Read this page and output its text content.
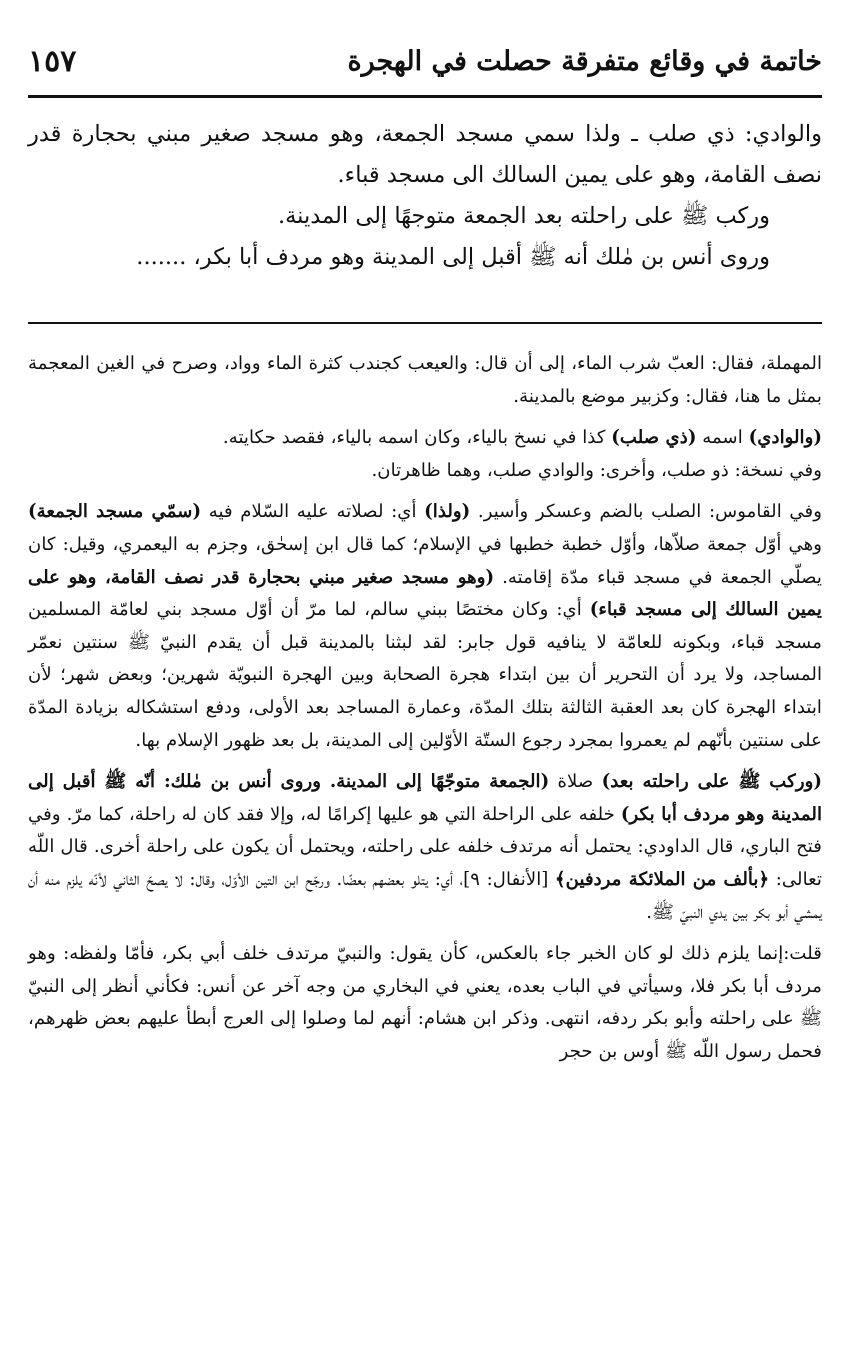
خاتمة في وقائع متفرقة حصلت في الهجرة
١٥٧

والوادي: ذي صلب ـ ولذا سمي مسجد الجمعة، وهو مسجد صغير مبني بحجارة قدر نصف القامة، وهو على يمين السالك الى مسجد قباء.

وركب ﷺ على راحلته بعد الجمعة متوجهًا إلى المدينة.

وروى أنس بن مٰلك أنه ﷺ أقبل إلى المدينة وهو مردف أبا بكر، .......

المهملة، فقال: العبّ شرب الماء، إلى أن قال: والعيعب كجندب كثرة الماء وواد، وصرح في الغين المعجمة بمثل ما هنا، فقال: وكزبير موضع بالمدينة.

(والوادي) اسمه (ذي صلب) كذا في نسخ بالياء، وكان اسمه بالياء، فقصد حكايته.

وفي نسخة: ذو صلب، وأخرى: والوادي صلب، وهما ظاهرتان.

وفي القاموس: الصلب بالضم وعسكر وأسير. (ولذا) أي: لصلاته عليه السّلام فيه (سمّي مسجد الجمعة) وهي أوّل جمعة صلاّها، وأوّل خطبة خطبها في الإسلام؛ كما قال ابن إسحٰق، وجزم به اليعمري، وقيل: كان يصلّي الجمعة في مسجد قباء مدّة إقامته. (وهو مسجد صغير مبني بحجارة قدر نصف القامة، وهو على يمين السالك إلى مسجد قباء) أي: وكان مختصًا ببني سالم، لما مرّ أن أوّل مسجد بني لعامّة المسلمين مسجد قباء، وبكونه للعامّة لا ينافيه قول جابر: لقد لبثنا بالمدينة قبل أن يقدم النبيّ ﷺ سنتين نعمّر المساجد، ولا يرد أن التحرير أن بين ابتداء هجرة الصحابة وبين الهجرة النبويّة شهرين؛ وبعض شهر؛ لأن ابتداء الهجرة كان بعد العقبة الثالثة بتلك المدّة، وعمارة المساجد بعد الأولى، ودفع استشكاله بزيادة المدّة على سنتين بأنّهم لم يعمروا بمجرد رجوع الستّة الأوّلين إلى المدينة، بل بعد ظهور الإسلام بها.

(وركب ﷺ على راحلته بعد) صلاة (الجمعة متوجّهًا إلى المدينة. وروى أنس بن مٰلك: أنّه ﷺ أقبل إلى المدينة وهو مردف أبا بكر) خلفه على الراحلة التي هو عليها إكرامًا له، وإلا فقد كان له راحلة، كما مرّ. وفي فتح الباري، قال الداودي: يحتمل أنه مرتدف خلفه على راحلته، ويحتمل أن يكون على راحلة أخرى. قال اللّه تعالى: ﴿بألف من الملائكة مردفين﴾ [الأنفال: ٩]، أي: يتلو بعضهم بعضًا. ورجّح ابن التين الأوّل، وقال: لا يصحّ الثاني لأنّه يلزم منه أن يمشي أبو بكر بين يدي النبيّ ﷺ.

قلت:إنما يلزم ذلك لو كان الخبر جاء بالعكس، كأن يقول: والنبيّ مرتدف خلف أبي بكر، فأمّا ولفظه: وهو مردف أبا بكر فلا، وسيأتي في الباب بعده، يعني في البخاري من وجه آخر عن أنس: فكأني أنظر إلى النبيّ ﷺ على راحلته وأبو بكر ردفه، انتهى. وذكر ابن هشام: أنهم لما وصلوا إلى العرج أبطأ عليهم بعض ظهرهم، فحمل رسول اللّه ﷺ أوس بن حجر
